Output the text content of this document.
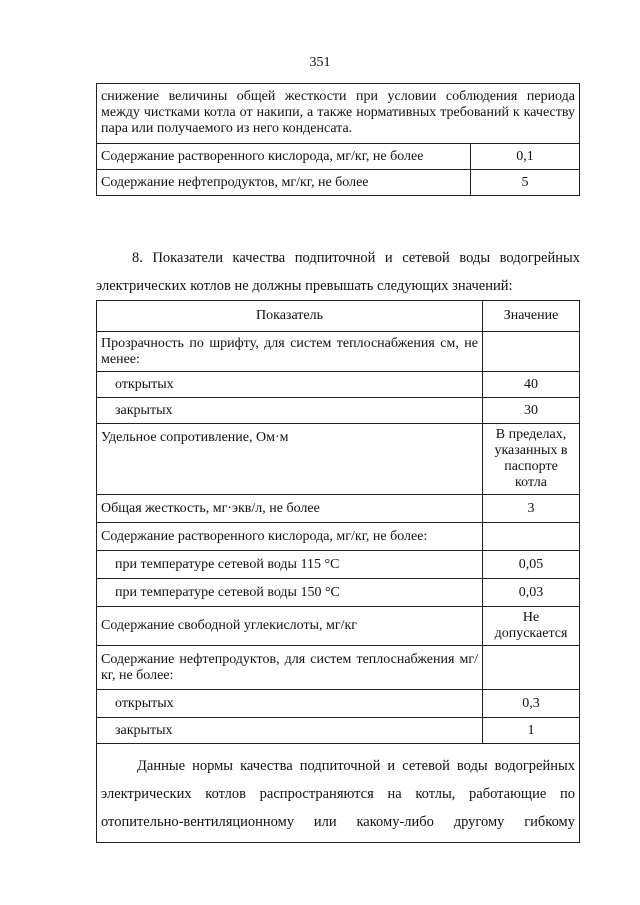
351
снижение величины общей жесткости при условии соблюдения периода между чистками котла от накипи, а также нормативных требований к качеству пара или получаемого из него конденсата.	
Содержание растворенного кислорода, мг/кг, не более	0,1
Содержание нефтепродуктов, мг/кг, не более	5
8. Показатели качества подпиточной и сетевой воды водогрейных электрических котлов не должны превышать следующих значений:
Показатель	Значение
Прозрачность по шрифту, для систем теплоснабжения см, не менее:	
открытых	40
закрытых	30
Удельное сопротивление, Ом·м	В пределах, указанных в паспорте котла
Общая жесткость, мг·экв/л, не более	3
Содержание растворенного кислорода, мг/кг, не более:	
при температуре сетевой воды 115 °С	0,05
при температуре сетевой воды 150 °С	0,03
Содержание свободной углекислоты, мг/кг	Не допускается
Содержание нефтепродуктов, для систем теплоснабжения мг/кг, не более:	
открытых	0,3
закрытых	1
Данные нормы качества подпиточной и сетевой воды водогрейных электрических котлов распространяются на котлы, работающие по отопительно-вентиляционному или какому-либо другому гибкому	
